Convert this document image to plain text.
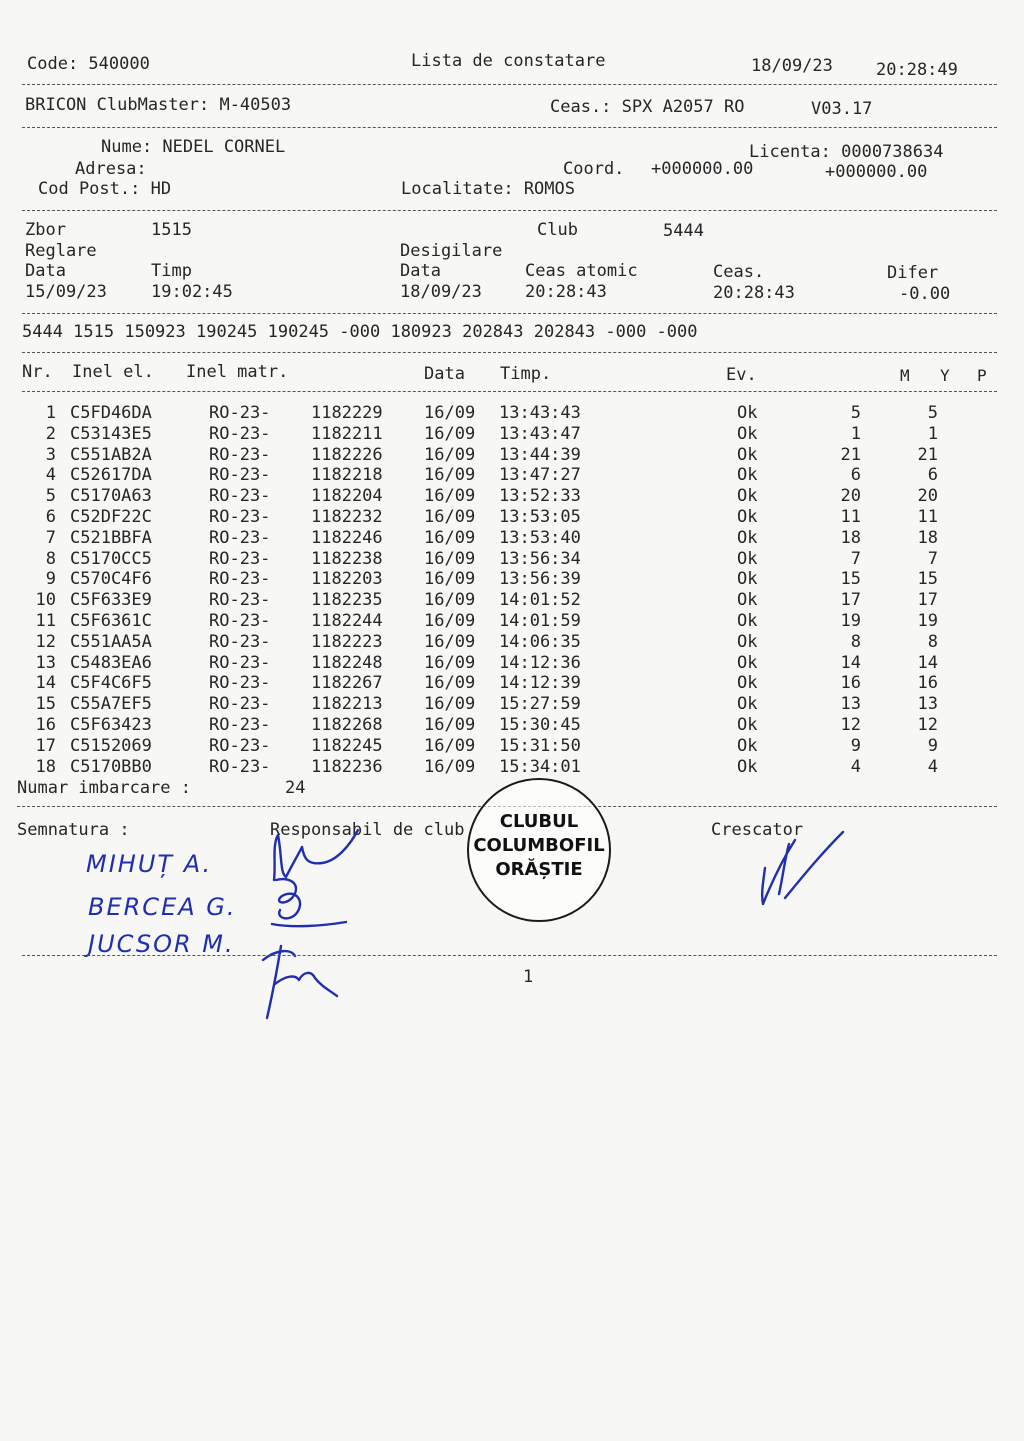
Code: 540000	Lista de constatare	18/09/23	20:28:49
BRICON ClubMaster: M-40503	Ceas.: SPX A2057 RO	V03.17
Nume: NEDEL CORNEL	Licenta: 0000738634
Adresa:	Coord. +000000.00	+000000.00
Cod Post.: HD	Localitate: ROMOS
Zbor	1515	Club	5444
Reglare	Desigilare
Data	Timp	Data	Ceas atomic	Ceas.	Difer
15/09/23	19:02:45	18/09/23	20:28:43	20:28:43	-0.00
5444 1515 150923 190245 190245 -000 180923 202843 202843 -000 -000
Nr. Inel el. Inel matr.	Data Timp.	Ev.	M Y P
1 C5FD46DA	RO-23- 1182229 16/09 13:43:43	Ok	5	5
2 C53143E5	RO-23- 1182211 16/09 13:43:47	Ok	1	1
3 C551AB2A	RO-23- 1182226 16/09 13:44:39	Ok	21	21
4 C52617DA	RO-23- 1182218 16/09 13:47:27	Ok	6	6
5 C5170A63	RO-23- 1182204 16/09 13:52:33	Ok	20	20
6 C52DF22C	RO-23- 1182232 16/09 13:53:05	Ok	11	11
7 C521BBFA	RO-23- 1182246 16/09 13:53:40	Ok	18	18
8 C5170CC5	RO-23- 1182238 16/09 13:56:34	Ok	7	7
9 C570C4F6	RO-23- 1182203 16/09 13:56:39	Ok	15	15
10 C5F633E9	RO-23- 1182235 16/09 14:01:52	Ok	17	17
11 C5F6361C	RO-23- 1182244 16/09 14:01:59	Ok	19	19
12 C551AA5A	RO-23- 1182223 16/09 14:06:35	Ok	8	8
13 C5483EA6	RO-23- 1182248 16/09 14:12:36	Ok	14	14
14 C5F4C6F5	RO-23- 1182267 16/09 14:12:39	Ok	16	16
15 C55A7EF5	RO-23- 1182213 16/09 15:27:59	Ok	13	13
16 C5F63423	RO-23- 1182268 16/09 15:30:45	Ok	12	12
17 C5152069	RO-23- 1182245 16/09 15:31:50	Ok	9	9
18 C5170BB0	RO-23- 1182236 16/09 15:34:01	Ok	4	4
Numar imbarcare :	24
Semnatura :	Responsabil de club	Crescator
MIHUȚ A.
BERCEA G.
JUCSOR M.
CLUBUL
COLUMBOFIL
ORĂȘTIE
1
